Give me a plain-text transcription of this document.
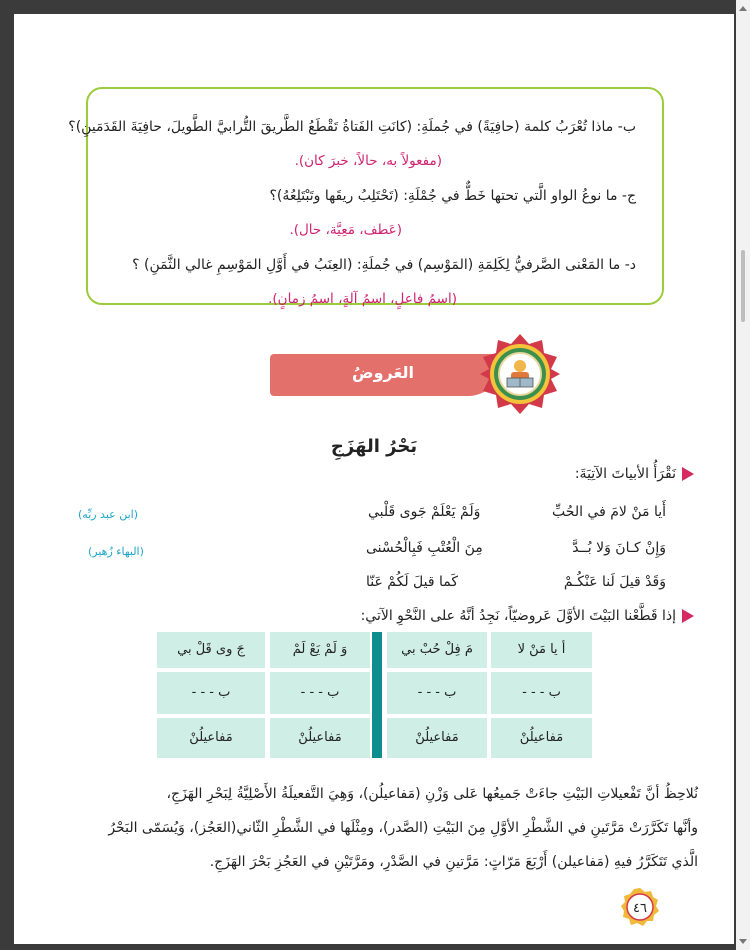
ب- ماذا تُعْرَبُ كلمة (حافِيَةً) في جُملَةِ: (كانَتِ الفَتاةُ تَقْطَعُ الطَّريقَ التُّرابيَّ الطَّويلَ، حافِيَةَ القَدَمَينِ)؟
(مفعولاً به، حالاً، خبرَ كان).
ج- ما نوعُ الواو الَّتي تحتها خَطٌّ في جُمْلَةِ: (تَحْتَلِبُ ريقَها وتَبْتَلِعُهُ)؟
(عَطف، مَعِيَّة، حال).
د- ما المَعْنى الصَّرفيُّ لِكَلِمَةِ (المَوْسِم) في جُملَةِ: (العِنَبُ في أَوَّلِ المَوْسِمِ غالي الثَّمَنِ) ؟
(اسمُ فاعلٍ، اسمُ آلةٍ، اسمُ زمانٍ).
العَروضُ
بَحْرُ الهَزَجِ
نَقْرَأُ الأبياتَ الآتِيَةَ:
أَيا مَنْ لامَ في الحُبِّ
وَلَمْ يَعْلَمْ جَوى قَلْبي
(ابن عبد ربِّه)
وَإِنْ كـانَ وَلا بُــدَّ
مِنَ الْعُتْبِ فَبِالْحُسْنى
(البهاء زُهير)
وَقَدْ قيلَ لَنا عَنْكُـمْ
كَما قيلَ لَكُمْ عَنّا
إذا قَطَّعْنا البَيْتَ الأوَّلَ عَروضيّاً، نَجِدُ أنَّهُ على النَّحْوِ الآتي:
أ يا مَنْ لا
مَ فِلْ حُبْ بي
وَ لَمْ يَعْ لَمْ
جَ وى قَلْ بي
ب - - -
ب - - -
ب - - -
ب - - -
مَفاعيلُنْ
مَفاعيلُنْ
مَفاعيلُنْ
مَفاعيلُنْ
نُلاحِظُ أنَّ تَفْعيلاتِ البَيْتِ جاءَتْ جَميعُها عَلى وَزْنِ (مَفاعيلُن)، وَهِيَ التَّفعيلَةُ الأَصْلِيَّةُ لِبَحْرِ الهَزَجِ،
وأنَّها تَكَرَّرَتْ مَرَّتَينِ في الشَّطْرِ الأوَّلِ مِنَ البَيْتِ (الصَّدر)، ومِثْلَها في الشَّطْرِ الثّاني(العَجُز)، وَيُسَمّى البَحْرُ
الَّذي تَتَكَرَّرُ فيهِ (مَفاعيلن) أَرْبَعَ مَرّاتٍ: مَرَّتينِ في الصَّدْرِ، ومَرَّتَيْنِ في العَجُزِ بَحْرَ الهَزَجِ.
٤٦
